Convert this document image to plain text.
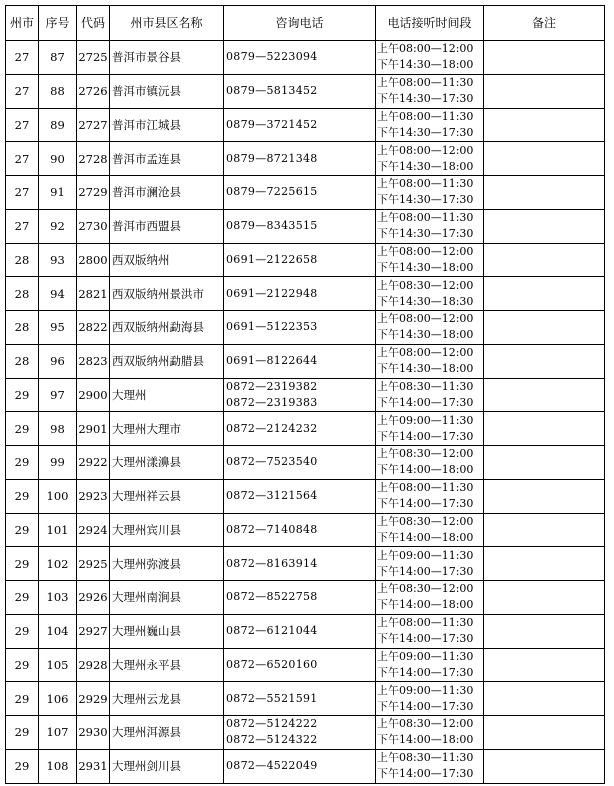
州市	序号	代码	州市县区名称	咨询电话	电话接听时间段	备注
27	87	2725	普洱市景谷县	0879—5223094	上午08:00—12:00
下午14:30—18:00	

27	88	2726	普洱市镇沅县	0879—5813452	上午08:00—11:30
下午14:30—17:30	

27	89	2727	普洱市江城县	0879—3721452	上午08:00—11:30
下午14:30—17:30	

27	90	2728	普洱市孟连县	0879—8721348	上午08:00—12:00
下午14:30—18:00	

27	91	2729	普洱市澜沧县	0879—7225615	上午08:00—11:30
下午14:30—17:30	

27	92	2730	普洱市西盟县	0879—8343515	上午08:00—11:30
下午14:30—17:30	

28	93	2800	西双版纳州	0691—2122658	上午08:00—12:00
下午14:30—18:00	

28	94	2821	西双版纳州景洪市	0691—2122948	上午08:30—12:00
下午14:30—18:30	

28	95	2822	西双版纳州勐海县	0691—5122353	上午08:00—12:00
下午14:30—18:00	

28	96	2823	西双版纳州勐腊县	0691—8122644	上午08:00—12:00
下午14:30—18:00	

29	97	2900	大理州	0872—2319382
0872—2319383	上午08:30—11:30
下午14:00—17:30	

29	98	2901	大理州大理市	0872—2124232	上午09:00—11:30
下午14:00—17:30	

29	99	2922	大理州漾濞县	0872—7523540	上午08:30—12:00
下午14:00—18:00	

29	100	2923	大理州祥云县	0872—3121564	上午08:00—11:30
下午14:00—17:30	

29	101	2924	大理州宾川县	0872—7140848	上午08:30—12:00
下午14:00—18:00	

29	102	2925	大理州弥渡县	0872—8163914	上午09:00—11:30
下午14:00—17:30	

29	103	2926	大理州南涧县	0872—8522758	上午08:30—12:00
下午14:00—18:00	

29	104	2927	大理州巍山县	0872—6121044	上午08:00—11:30
下午14:00—17:30	

29	105	2928	大理州永平县	0872—6520160	上午09:00—11:30
下午14:00—17:30	

29	106	2929	大理州云龙县	0872—5521591	上午09:00—11:30
下午14:00—17:30	

29	107	2930	大理州洱源县	0872—5124222
0872—5124322	上午08:30—12:00
下午14:00—18:00	

29	108	2931	大理州剑川县	0872—4522049	上午08:30—11:30
下午14:00—17:30	
